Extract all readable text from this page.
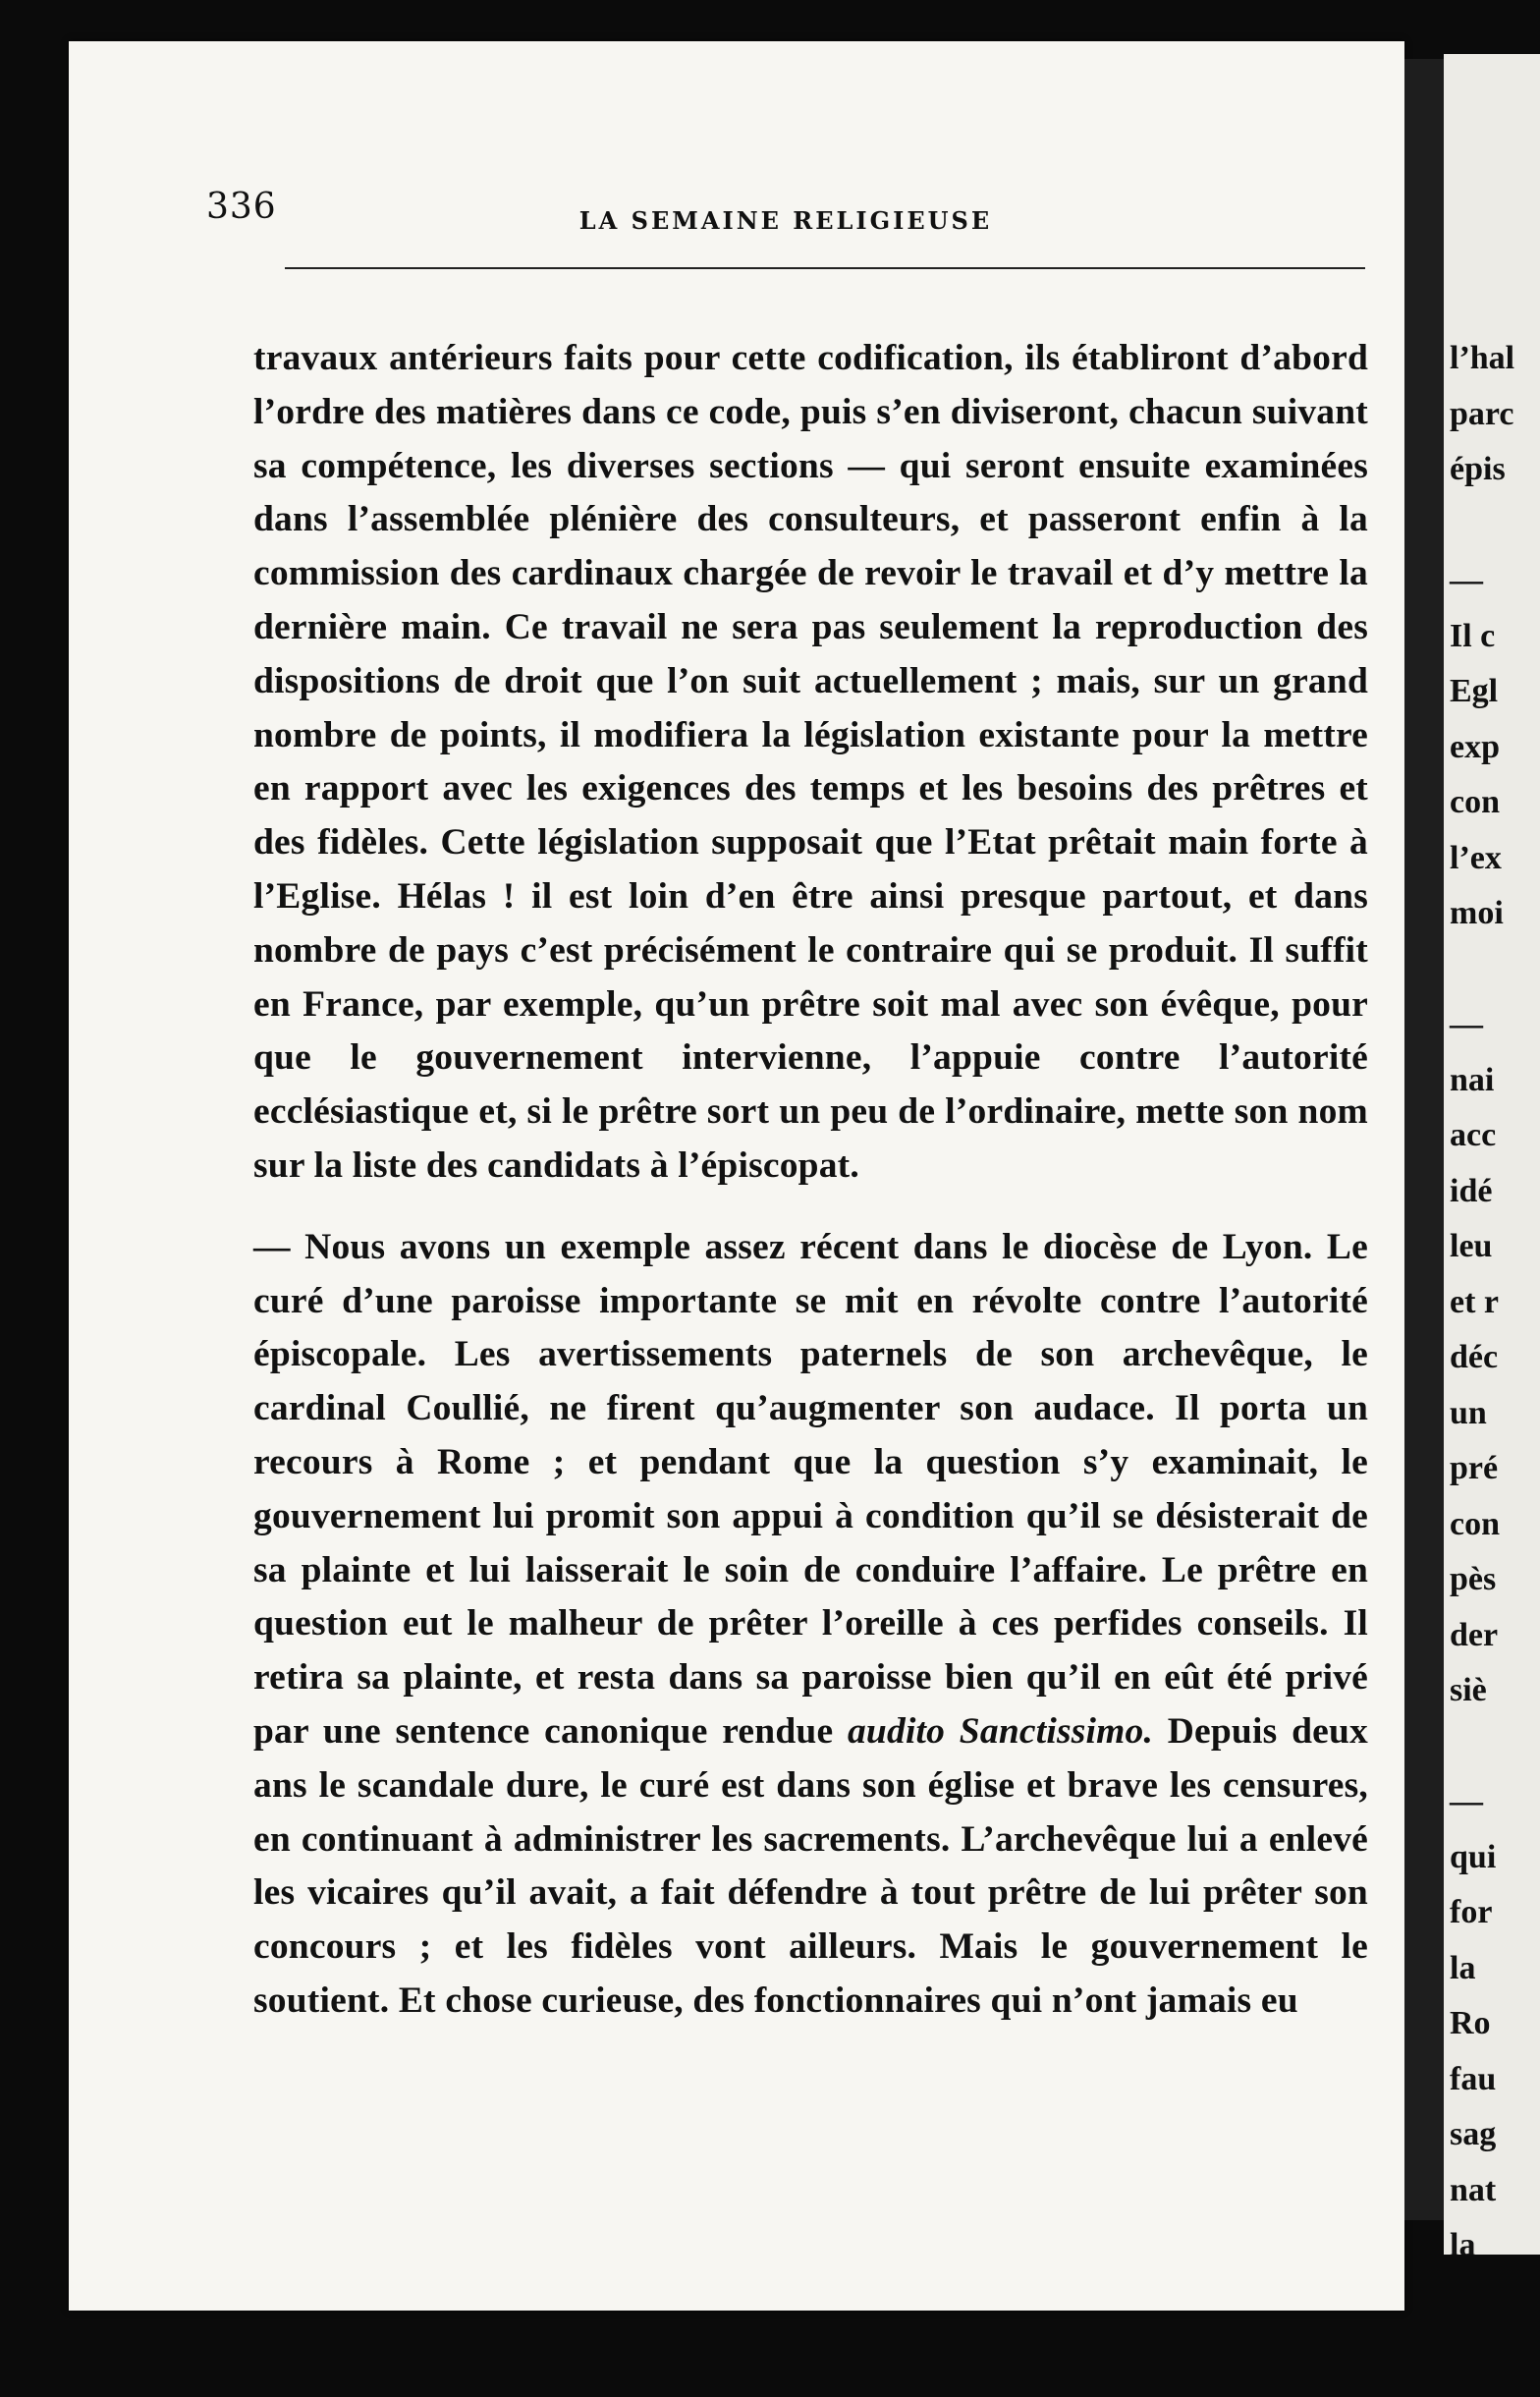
l’hal
parc
épis

—
Il c
Egl
exp
con
l’ex
moi

—
nai
acc
idé
leu
et r
déc
un
pré
con
pès
der
siè

—
qui
for
la
Ro
fau
sag
nat
la
336	LA SEMAINE RELIGIEUSE

travaux antérieurs faits pour cette codification, ils établiront d’abord l’ordre des matières dans ce code, puis s’en diviseront, chacun suivant sa compétence, les diverses sections — qui seront ensuite examinées dans l’assemblée plénière des consulteurs, et passeront enfin à la commission des cardinaux chargée de revoir le travail et d’y mettre la dernière main. Ce travail ne sera pas seulement la reproduction des dispositions de droit que l’on suit actuellement ; mais, sur un grand nombre de points, il modifiera la législation existante pour la mettre en rapport avec les exigences des temps et les besoins des prêtres et des fidèles. Cette législation supposait que l’Etat prêtait main forte à l’Eglise. Hélas ! il est loin d’en être ainsi presque partout, et dans nombre de pays c’est précisément le contraire qui se produit. Il suffit en France, par exemple, qu’un prêtre soit mal avec son évêque, pour que le gouvernement intervienne, l’appuie contre l’autorité ecclésiastique et, si le prêtre sort un peu de l’ordinaire, mette son nom sur la liste des candidats à l’épiscopat.

— Nous avons un exemple assez récent dans le diocèse de Lyon. Le curé d’une paroisse importante se mit en révolte contre l’autorité épiscopale. Les avertissements paternels de son archevêque, le cardinal Coullié, ne firent qu’augmenter son audace. Il porta un recours à Rome ; et pendant que la question s’y examinait, le gouvernement lui promit son appui à condition qu’il se désisterait de sa plainte et lui laisserait le soin de conduire l’affaire. Le prêtre en question eut le malheur de prêter l’oreille à ces perfides conseils. Il retira sa plainte, et resta dans sa paroisse bien qu’il en eût été privé par une sentence canonique rendue audito Sanctissimo. Depuis deux ans le scandale dure, le curé est dans son église et brave les censures, en continuant à administrer les sacrements. L’archevêque lui a enlevé les vicaires qu’il avait, a fait défendre à tout prêtre de lui prêter son concours ; et les fidèles vont ailleurs. Mais le gouvernement le soutient. Et chose curieuse, des fonctionnaires qui n’ont jamais eu
